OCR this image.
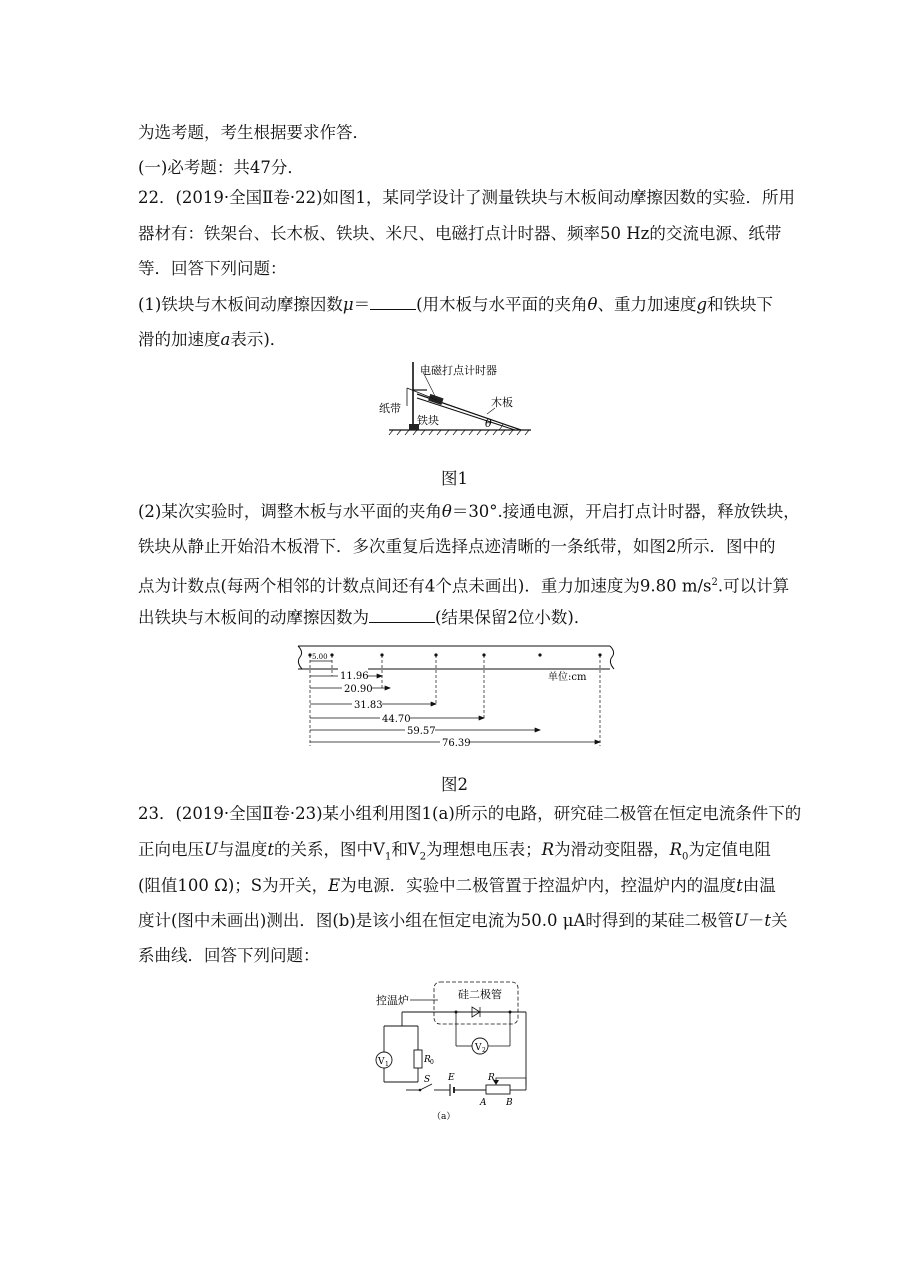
为选考题，考生根据要求作答．
(一)必考题：共47分．
22．(2019·全国Ⅱ卷·22)如图1，某同学设计了测量铁块与木板间动摩擦因数的实验．所用
器材有：铁架台、长木板、铁块、米尺、电磁打点计时器、频率50 Hz的交流电源、纸带
等．回答下列问题：
(1)铁块与木板间动摩擦因数μ＝	(用木板与水平面的夹角θ、重力加速度g和铁块下
滑的加速度a表示)．
电磁打点计时器
纸带
铁块
木板
θ
图1
(2)某次实验时，调整木板与水平面的夹角θ＝30°.接通电源，开启打点计时器，释放铁块，
铁块从静止开始沿木板滑下．多次重复后选择点迹清晰的一条纸带，如图2所示．图中的
点为计数点(每两个相邻的计数点间还有4个点未画出)．重力加速度为9.80 $m/s^2$.可以计算
出铁块与木板间的动摩擦因数为	(结果保留2位小数)．
5.00
11.96
20.90
31.83
44.70
59.57
76.39
单位:cm
图2
23．(2019·全国Ⅱ卷·23)某小组利用图1(a)所示的电路，研究硅二极管在恒定电流条件下的
正向电压U与温度t的关系，图中$V_1$和$V_2$为理想电压表；R为滑动变阻器，$R_0$为定值电阻
(阻值100 Ω)；S为开关，E为电源．实验中二极管置于控温炉内，控温炉内的温度t由温
度计(图中未画出)测出．图(b)是该小组在恒定电流为50.0 μA时得到的某硅二极管U－t关
系曲线．回答下列问题：
控温炉	硅二极管
V 2
V 1	R 0
S E	R
A B
（a）
